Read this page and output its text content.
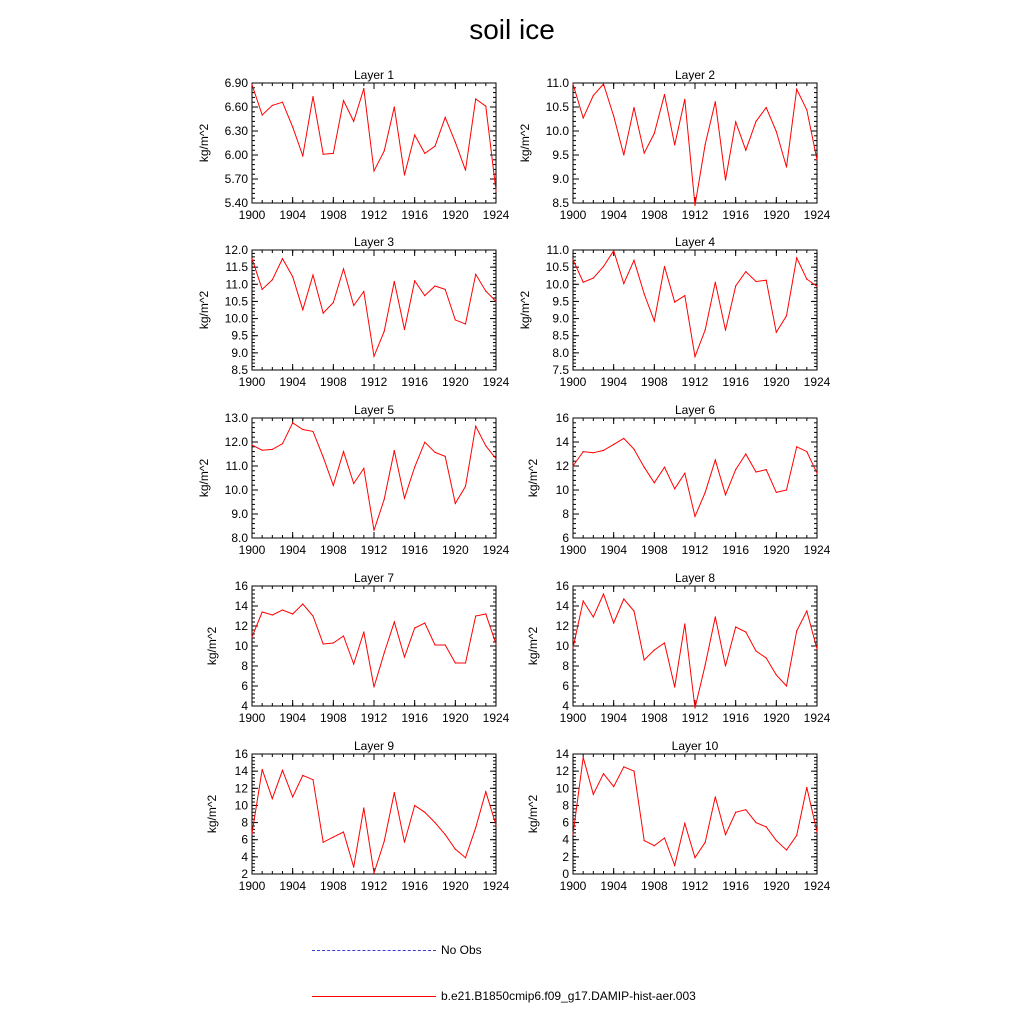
soil ice
Layer 1
1900 1904 1908 1912 1916 1920 1924
5.40
5.70
6.00
6.30
6.60
6.90
kg/m^2
Layer 2
1900 1904 1908 1912 1916 1920 1924
8.5
9.0
9.5
10.0
10.5
11.0
kg/m^2
Layer 3
1900 1904 1908 1912 1916 1920 1924
8.5
9.0
9.5
10.0
10.5
11.0
11.5
12.0
kg/m^2
Layer 4
1900 1904 1908 1912 1916 1920 1924
7.5
8.0
8.5
9.0
9.5
10.0
10.5
11.0
kg/m^2
Layer 5
1900 1904 1908 1912 1916 1920 1924
8.0
9.0
10.0
11.0
12.0
13.0
kg/m^2
Layer 6
1900 1904 1908 1912 1916 1920 1924
6
8
10
12
14
16
kg/m^2
Layer 7
1900 1904 1908 1912 1916 1920 1924
4
6
8
10
12
14
16
kg/m^2
Layer 8
1900 1904 1908 1912 1916 1920 1924
4
6
8
10
12
14
16
kg/m^2
Layer 9
1900 1904 1908 1912 1916 1920 1924
2
4
6
8
10
12
14
16
kg/m^2
Layer 10
1900 1904 1908 1912 1916 1920 1924
0
2
4
6
8
10
12
14
kg/m^2
No Obs
b.e21.B1850cmip6.f09_g17.DAMIP-hist-aer.003
